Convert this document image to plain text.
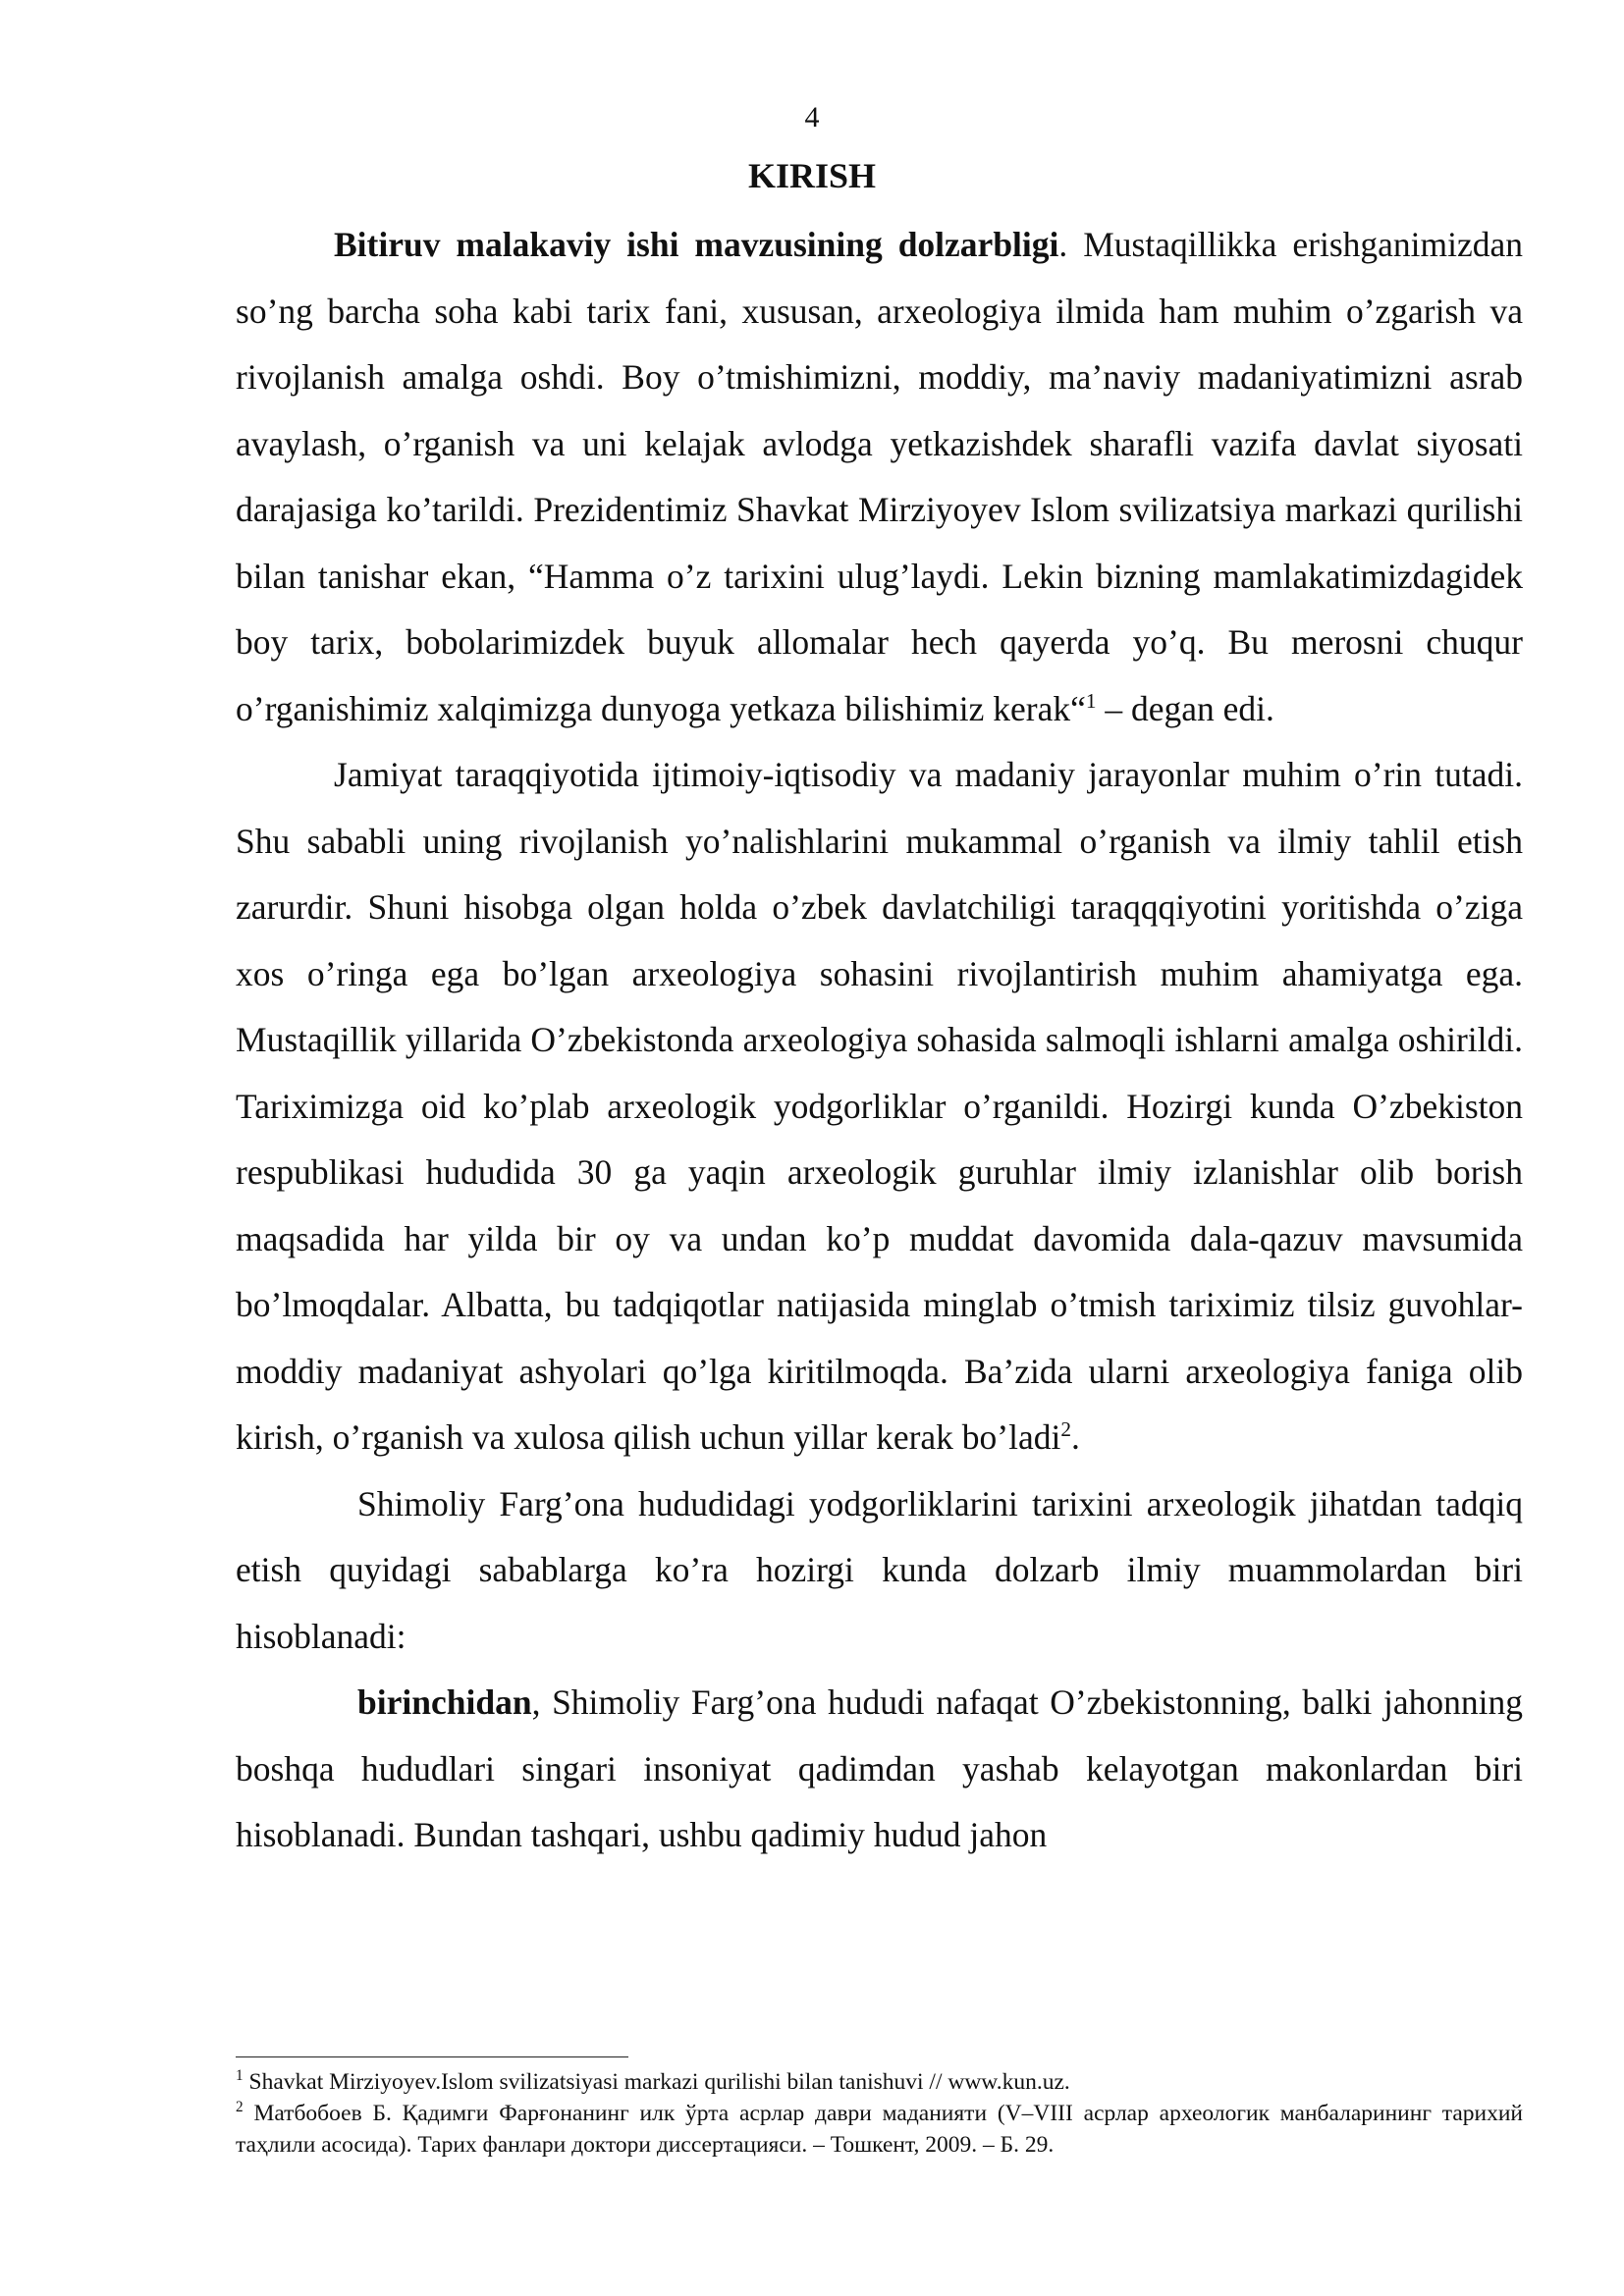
4
KIRISH

Bitiruv malakaviy ishi mavzusining dolzarbligi. Mustaqillikka erishganimizdan so’ng barcha soha kabi tarix fani, xususan, arxeologiya ilmida ham muhim o’zgarish va rivojlanish amalga oshdi. Boy o’tmishimizni, moddiy, ma’naviy madaniyatimizni asrab avaylash, o’rganish va uni kelajak avlodga yetkazishdek sharafli vazifa davlat siyosati darajasiga ko’tarildi. Prezidentimiz Shavkat Mirziyoyev Islom svilizatsiya markazi qurilishi bilan tanishar ekan, “Hamma o’z tarixini ulug’laydi. Lekin bizning mamlakatimizdagidek boy tarix, bobolarimizdek buyuk allomalar hech qayerda yo’q. Bu merosni chuqur o’rganishimiz xalqimizga dunyoga yetkaza bilishimiz kerak“$^1$ – degan edi.

Jamiyat taraqqiyotida ijtimoiy-iqtisodiy va madaniy jarayonlar muhim o’rin tutadi. Shu sababli uning rivojlanish yo’nalishlarini mukammal o’rganish va ilmiy tahlil etish zarurdir. Shuni hisobga olgan holda o’zbek davlatchiligi taraqqqiyotini yoritishda o’ziga xos o’ringa ega bo’lgan arxeologiya sohasini rivojlantirish muhim ahamiyatga ega. Mustaqillik yillarida O’zbekistonda arxeologiya sohasida salmoqli ishlarni amalga oshirildi. Tariximizga oid ko’plab arxeologik yodgorliklar o’rganildi. Hozirgi kunda O’zbekiston respublikasi hududida 30 ga yaqin arxeologik guruhlar ilmiy izlanishlar olib borish maqsadida har yilda bir oy va undan ko’p muddat davomida dala-qazuv mavsumida bo’lmoqdalar. Albatta, bu tadqiqotlar natijasida minglab o’tmish tariximiz tilsiz guvohlar-moddiy madaniyat ashyolari qo’lga kiritilmoqda. Ba’zida ularni arxeologiya faniga olib kirish, o’rganish va xulosa qilish uchun yillar kerak bo’ladi$^2$.

Shimoliy Farg’ona hududidagi yodgorliklarini tarixini arxeologik jihatdan tadqiq etish quyidagi sabablarga ko’ra hozirgi kunda dolzarb ilmiy muammolardan biri hisoblanadi:

birinchidan, Shimoliy Farg’ona hududi nafaqat O’zbekistonning, balki jahonning boshqa hududlari singari insoniyat qadimdan yashab kelayotgan makonlardan biri hisoblanadi. Bundan tashqari, ushbu qadimiy hudud jahon

$^1$ Shavkat Mirziyoyev.Islom svilizatsiyasi markazi qurilishi bilan tanishuvi // www.kun.uz.

$^2$ Матбобоев Б. Қадимги Фарғонанинг илк ўрта асрлар даври маданияти (V–VIII асрлар археологик манбаларининг тарихий таҳлили асосида). Тарих фанлари доктори диссертацияси. – Тошкент, 2009. – Б. 29.
